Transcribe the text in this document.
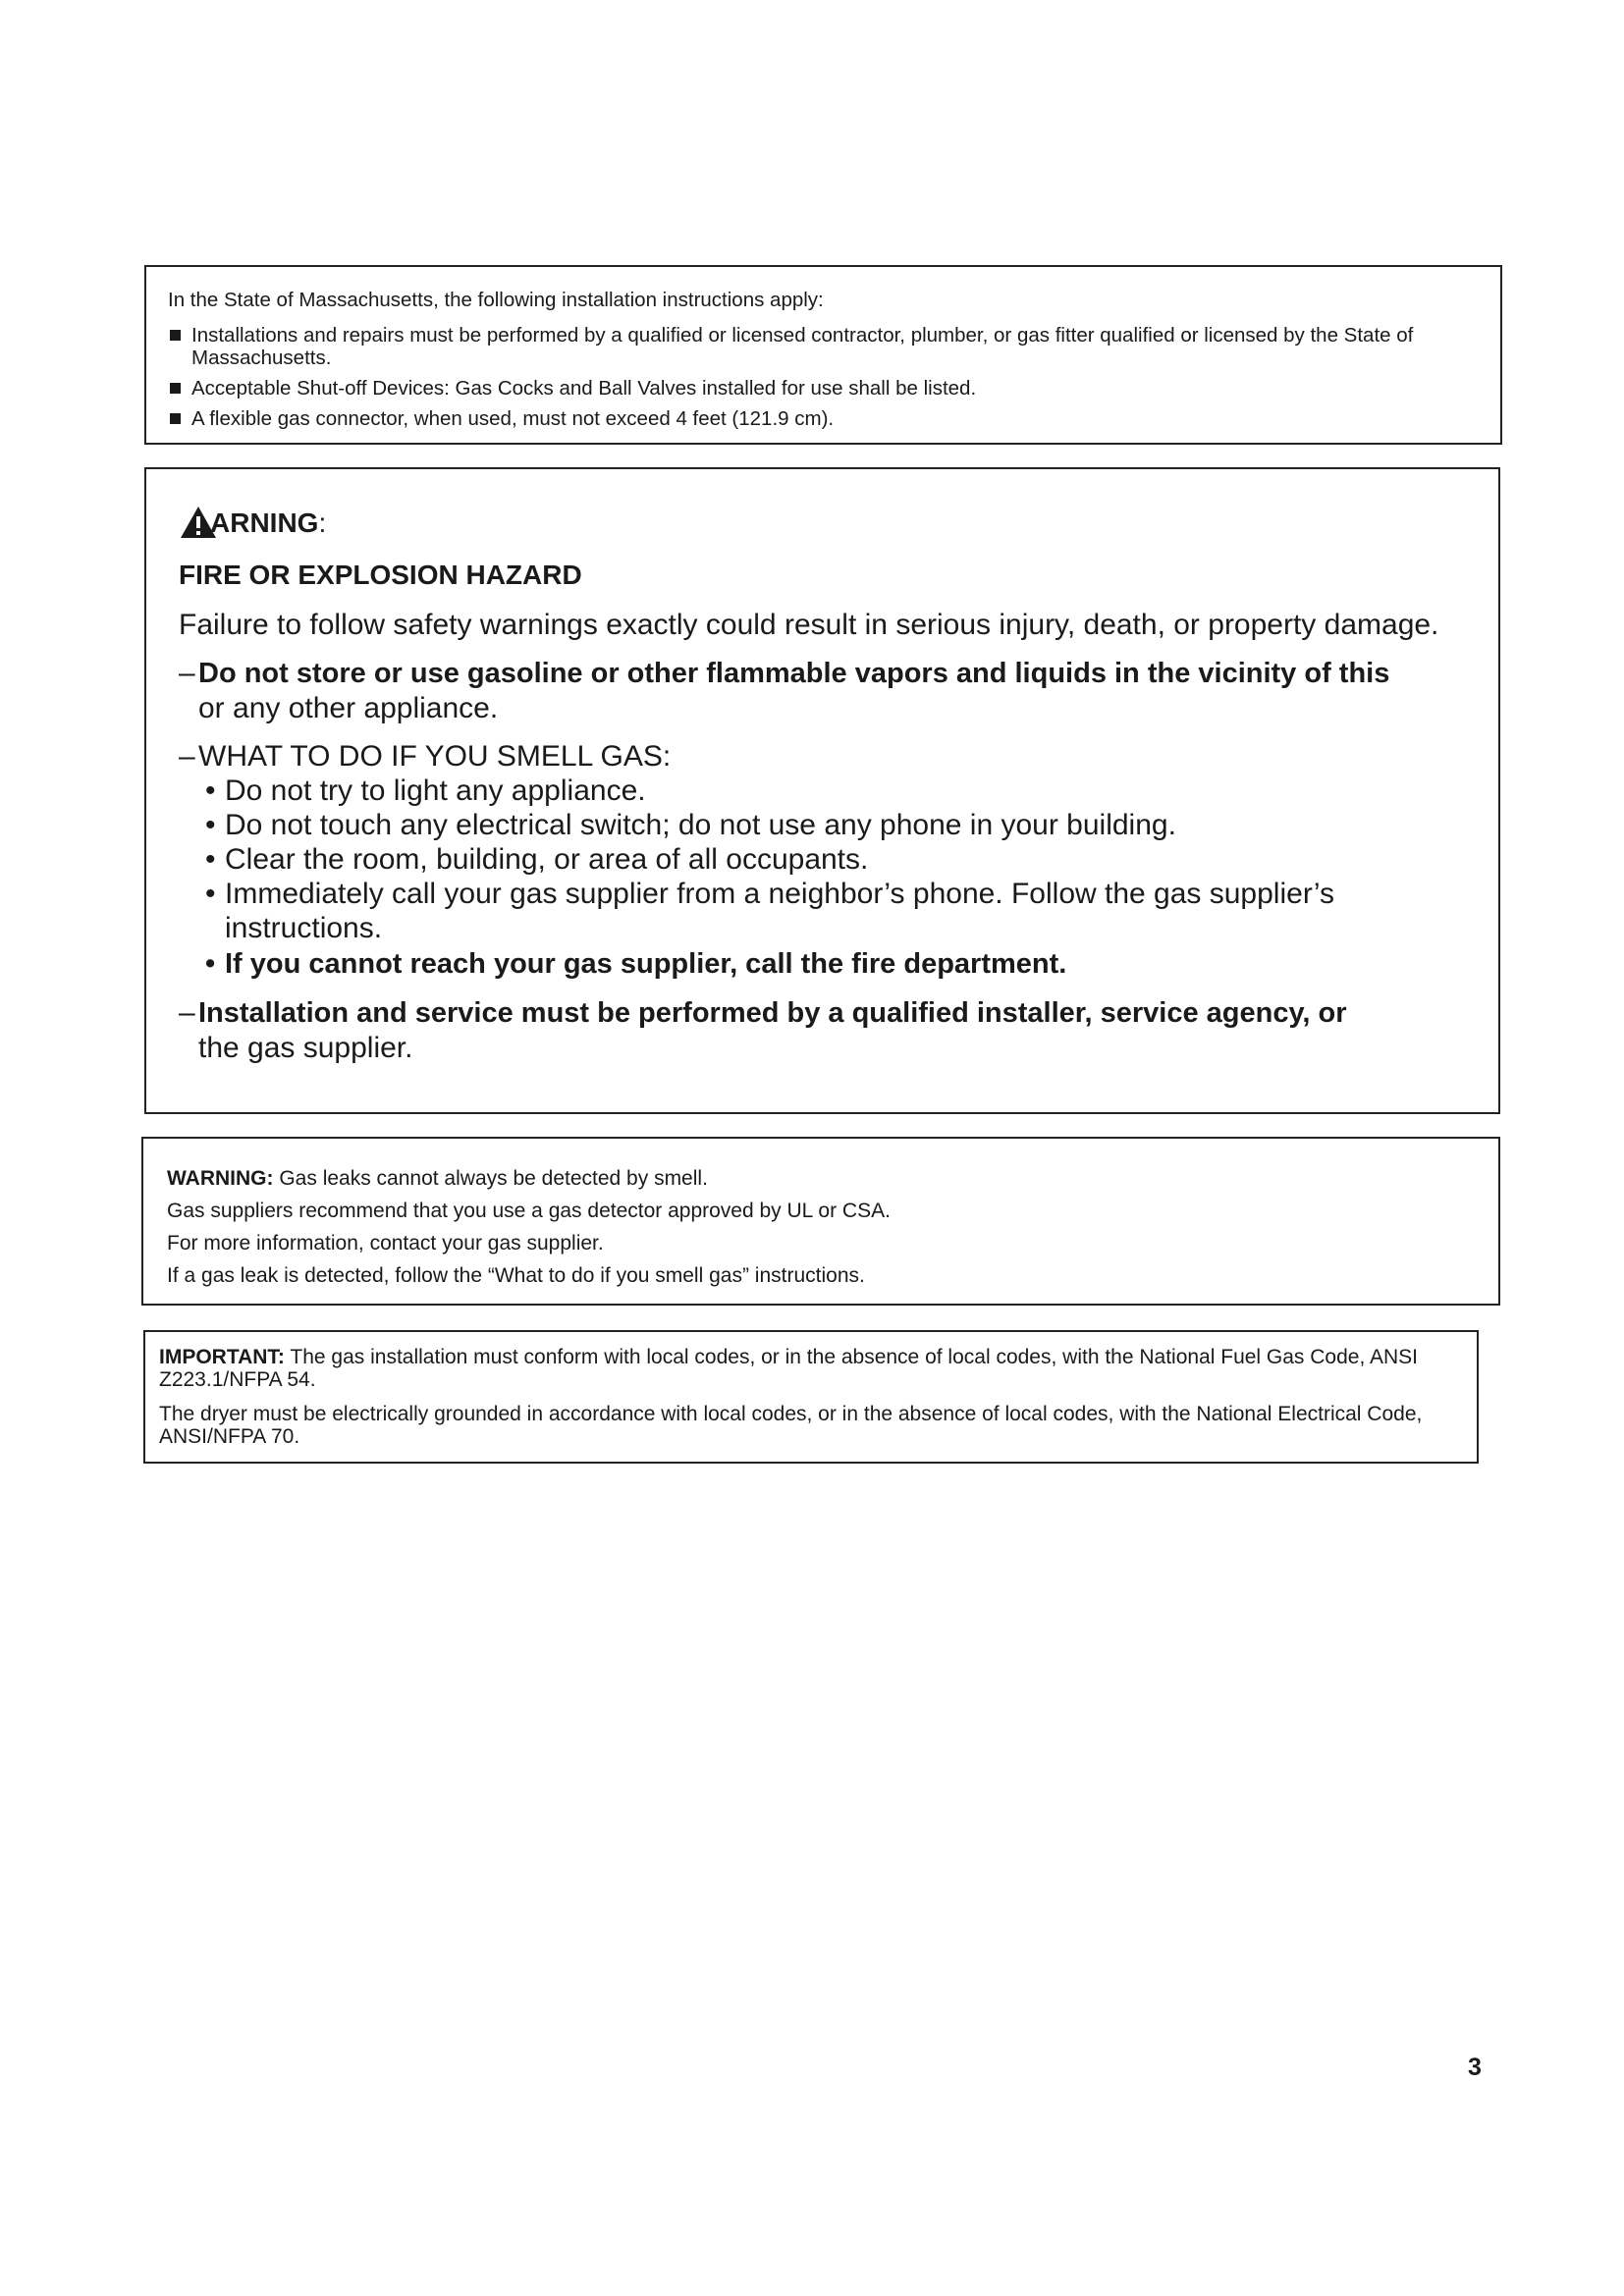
In the State of Massachusetts, the following installation instructions apply:

Installations and repairs must be performed by a qualified or licensed contractor, plumber, or gas fitter qualified or licensed by the State of Massachusetts.
Acceptable Shut-off Devices: Gas Cocks and Ball Valves installed for use shall be listed.
A flexible gas connector, when used, must not exceed 4 feet (121.9 cm).
ARNING :
FIRE OR EXPLOSION HAZARD
Failure to follow safety warnings exactly could result in serious injury, death, or property damage.
– Do not store or use gasoline or other flammable vapors and liquids in the vicinity of this
or any other appliance.
– WHAT TO DO IF YOU SMELL GAS:
• Do not try to light any appliance.
• Do not touch any electrical switch; do not use any phone in your building.
• Clear the room, building, or area of all occupants.
• Immediately call your gas supplier from a neighbor’s phone. Follow the gas supplier’s instructions.
• If you cannot reach your gas supplier, call the fire department.
– Installation and service must be performed by a qualified installer, service agency, or
the gas supplier.
WARNING: Gas leaks cannot always be detected by smell.
Gas suppliers recommend that you use a gas detector approved by UL or CSA.
For more information, contact your gas supplier.
If a gas leak is detected, follow the “What to do if you smell gas” instructions.

IMPORTANT: The gas installation must conform with local codes, or in the absence of local codes, with the National Fuel Gas Code, ANSI Z223.1/NFPA 54.

The dryer must be electrically grounded in accordance with local codes, or in the absence of local codes, with the National Electrical Code, ANSI/NFPA 70.

3
